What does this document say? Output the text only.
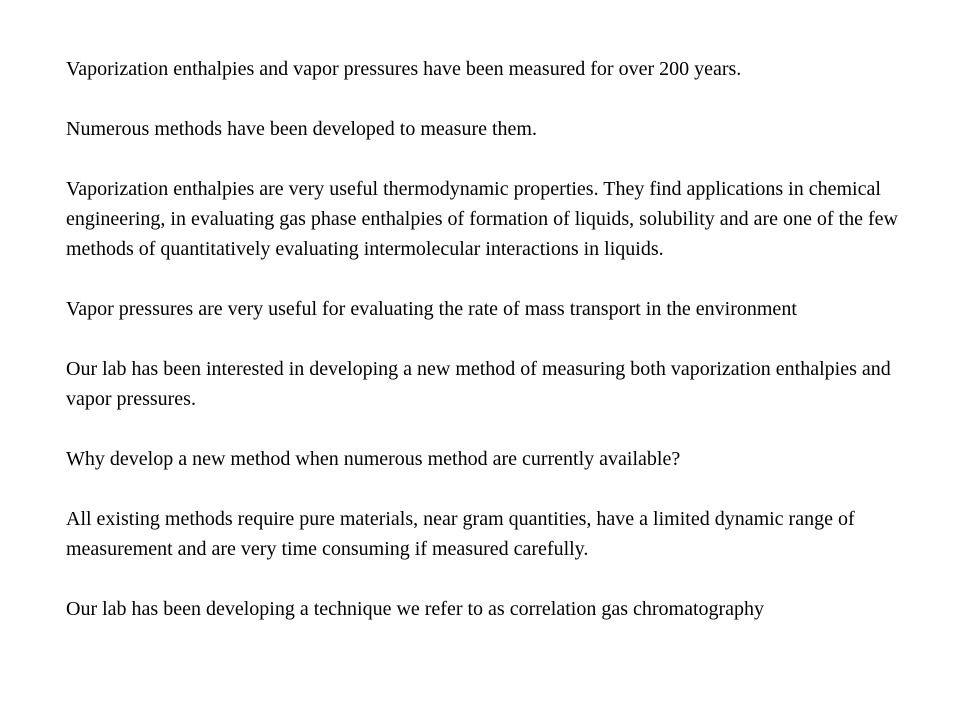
Vaporization enthalpies and vapor pressures have been measured for over 200 years.

Numerous methods have been developed to measure them.

Vaporization enthalpies are very useful thermodynamic properties. They find applications in chemical engineering, in evaluating gas phase enthalpies of formation of liquids, solubility and are one of the few methods of quantitatively evaluating intermolecular interactions in liquids.

Vapor pressures are very useful for evaluating the rate of mass transport in the environment

Our lab has been interested in developing a new method of measuring both vaporization enthalpies and vapor pressures.

Why develop a new method when numerous method are currently available?

All existing methods require pure materials, near gram quantities, have a limited dynamic range of measurement and are very time consuming if measured carefully.

Our lab has been developing a technique we refer to as correlation gas chromatography
